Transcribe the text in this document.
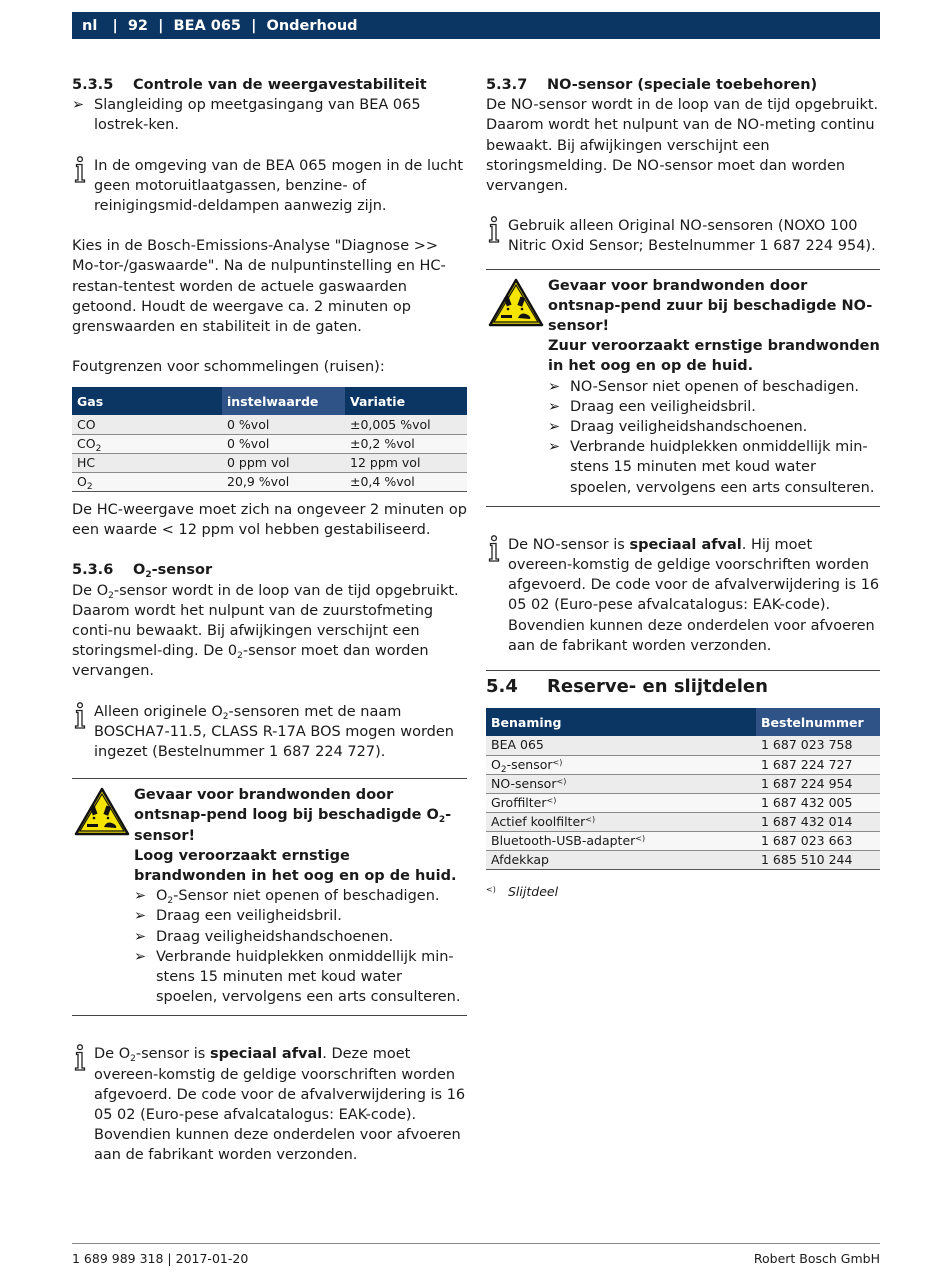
nl | 92 | BEA 065 | Onderhoud
5.3.5	Controle van de weergavestabiliteit
➢ Slangleiding op meetgasingang van BEA 065 lostrek-ken.

In de omgeving van de BEA 065 mogen in de lucht geen motoruitlaatgassen, benzine- of reinigingsmid-deldampen aanwezig zijn.

Kies in de Bosch-Emissions-Analyse "Diagnose >> Mo-tor-/gaswaarde". Na de nulpuntinstelling en HC-restan-tentest worden de actuele gaswaarden getoond. Houdt de weergave ca. 2 minuten op grenswaarden en stabiliteit in de gaten.

Foutgrenzen voor schommelingen (ruisen):

Gas	instelwaarde	Variatie
CO	0 %vol	±0,005 %vol
$CO_2$	0 %vol	±0,2 %vol
HC	0 ppm vol	12 ppm vol
$O_2$	20,9 %vol	±0,4 %vol

De HC-weergave moet zich na ongeveer 2 minuten op een waarde < 12 ppm vol hebben gestabiliseerd.

5.3.6	$O_2$-sensor

De $O_2$-sensor wordt in de loop van de tijd opgebruikt. Daarom wordt het nulpunt van de zuurstofmeting conti-nu bewaakt. Bij afwijkingen verschijnt een storingsmel-ding. De $0_2$-sensor moet dan worden vervangen.

Alleen originele $O_2$-sensoren met de naam BOSCHA7-11.5, CLASS R-17A BOS mogen worden ingezet (Bestelnummer 1 687 224 727).

Gevaar voor brandwonden door ontsnap-pend loog bij beschadigde $O_2$-sensor!
Loog veroorzaakt ernstige brandwonden in het oog en op de huid.
➢ $O_2$-Sensor niet openen of beschadigen.
➢ Draag een veiligheidsbril.
➢ Draag veiligheidshandschoenen.
➢ Verbrande huidplekken onmiddellijk min-stens 15 minuten met koud water spoelen, vervolgens een arts consulteren.

De $O_2$-sensor is speciaal afval. Deze moet overeen-komstig de geldige voorschriften worden afgevoerd. De code voor de afvalverwijdering is 16 05 02 (Euro-pese afvalcatalogus: EAK-code). Bovendien kunnen deze onderdelen voor afvoeren aan de fabrikant worden verzonden.

5.3.7	NO-sensor (speciale toebehoren)

De NO-sensor wordt in de loop van de tijd opgebruikt. Daarom wordt het nulpunt van de NO-meting continu bewaakt. Bij afwijkingen verschijnt een storingsmelding. De NO-sensor moet dan worden vervangen.

Gebruik alleen Original NO-sensoren (NOXO 100 Nitric Oxid Sensor; Bestelnummer 1 687 224 954).

Gevaar voor brandwonden door ontsnap-pend zuur bij beschadigde NO-sensor!
Zuur veroorzaakt ernstige brandwonden in het oog en op de huid.
➢ NO-Sensor niet openen of beschadigen.
➢ Draag een veiligheidsbril.
➢ Draag veiligheidshandschoenen.
➢ Verbrande huidplekken onmiddellijk min-stens 15 minuten met koud water spoelen, vervolgens een arts consulteren.

De NO-sensor is speciaal afval. Hij moet overeen-komstig de geldige voorschriften worden afgevoerd. De code voor de afvalverwijdering is 16 05 02 (Euro-pese afvalcatalogus: EAK-code). Bovendien kunnen deze onderdelen voor afvoeren aan de fabrikant worden verzonden.

5.4	Reserve- en slijtdelen
Benaming	Bestelnummer
BEA 065	1 687 023 758
$O_2-sensor^{<)}$	1 687 224 727
NO-sensor<)	1 687 224 954
Groffilter<)	1 687 432 005
Actief koolfilter<)	1 687 432 014
Bluetooth-USB-adapter<)	1 687 023 663
Afdekkap	1 685 510 244
<) Slijtdeel
1 689 989 318 | 2017-01-20	Robert Bosch GmbH
